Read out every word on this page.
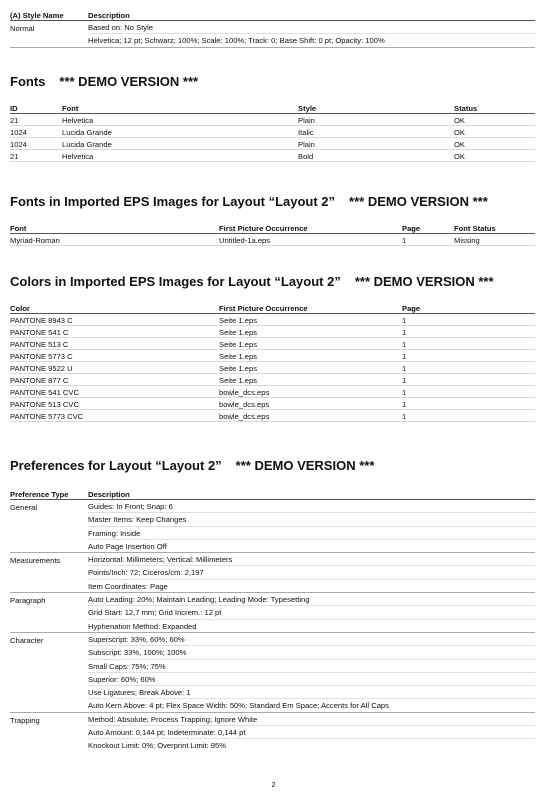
(A) Style Name	Description
Normal	Based on: No Style
Helvetica; 12 pt; Schwarz; 100%; Scale: 100%; Track: 0; Base Shift: 0 pt; Opacity: 100%
Fonts *** DEMO VERSION ***
ID	Font	Style	Status
21	Helvetica	Plain	OK
1024	Lucida Grande	Italic	OK
1024	Lucida Grande	Plain	OK
21	Helvetica	Bold	OK
Fonts in Imported EPS Images for Layout “Layout 2” *** DEMO VERSION ***
Font	First Picture Occurrence	Page	Font Status
Myriad-Roman	Untitled-1a.eps	1	Missing
Colors in Imported EPS Images for Layout “Layout 2” *** DEMO VERSION ***
Color	First Picture Occurrence	Page
PANTONE 8943 C	Seite 1.eps	1
PANTONE 541 C	Seite 1.eps	1
PANTONE 513 C	Seite 1.eps	1
PANTONE 5773 C	Seite 1.eps	1
PANTONE 9522 U	Seite 1.eps	1
PANTONE 877 C	Seite 1.eps	1
PANTONE 541 CVC	bowle_dcs.eps	1
PANTONE 513 CVC	bowle_dcs.eps	1
PANTONE 5773 CVC	bowle_dcs.eps	1
Preferences for Layout “Layout 2” *** DEMO VERSION ***
Preference Type	Description
General	Guides: In Front; Snap: 6
Master Items: Keep Changes
Framing: Inside
Auto Page Insertion Off
Measurements	Horizontal: Millimeters; Vertical: Millimeters
Points/Inch: 72; Ciceros/cm: 2,197
Item Coordinates: Page
Paragraph	Auto Leading: 20%; Maintain Leading; Leading Mode: Typesetting
Grid Start: 12,7 mm; Grid Increm.: 12 pt
Hyphenation Method: Expanded
Character	Superscript: 33%, 60%; 60%
Subscript: 33%, 100%; 100%
Small Caps: 75%; 75%
Superior: 60%; 60%
Use Ligatures; Break Above: 1
Auto Kern Above: 4 pt; Flex Space Width: 50%; Standard Em Space; Accents for All Caps
Trapping	Method: Absolute; Process Trapping; Ignore White
Auto Amount: 0,144 pt; Indeterminate: 0,144 pt
Knockout Limit: 0%; Overprint Limit: 95%
2
